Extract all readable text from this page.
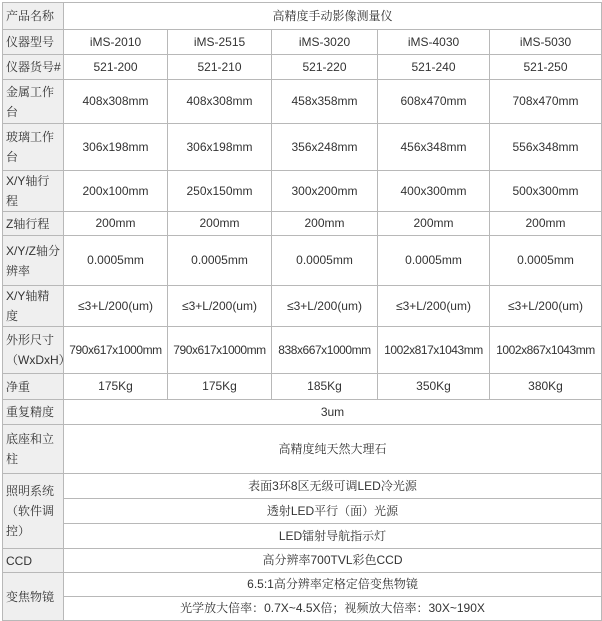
产品名称	高精度手动影像测量仪				
仪器型号	iMS-2010	iMS-2515	iMS-3020	iMS-4030	iMS-5030
仪器货号#	521-200	521-210	521-220	521-240	521-250
金属工作台	408x308mm	408x308mm	458x358mm	608x470mm	708x470mm
玻璃工作台	306x198mm	306x198mm	356x248mm	456x348mm	556x348mm
X/Y轴行程	200x100mm	250x150mm	300x200mm	400x300mm	500x300mm
Z轴行程	200mm	200mm	200mm	200mm	200mm
X/Y/Z轴分辨率	0.0005mm	0.0005mm	0.0005mm	0.0005mm	0.0005mm
X/Y轴精度	≤3+L/200(um)	≤3+L/200(um)	≤3+L/200(um)	≤3+L/200(um)	≤3+L/200(um)
外形尺寸（WxDxH）	790x617x1000mm	790x617x1000mm	838x667x1000mm	1002x817x1043mm	1002x867x1043mm
净重	175Kg	175Kg	185Kg	350Kg	380Kg
重复精度	3um				
底座和立柱	高精度纯天然大理石				
照明系统（软件调控）	表面3环8区无级可调LED冷光源				
	透射LED平行（面）光源				
	LED镭射导航指示灯				
CCD	高分辨率700TVL彩色CCD				
变焦物镜	6.5:1高分辨率定格定倍变焦物镜				
	光学放大倍率：0.7X~4.5X倍；视频放大倍率：30X~190X				
